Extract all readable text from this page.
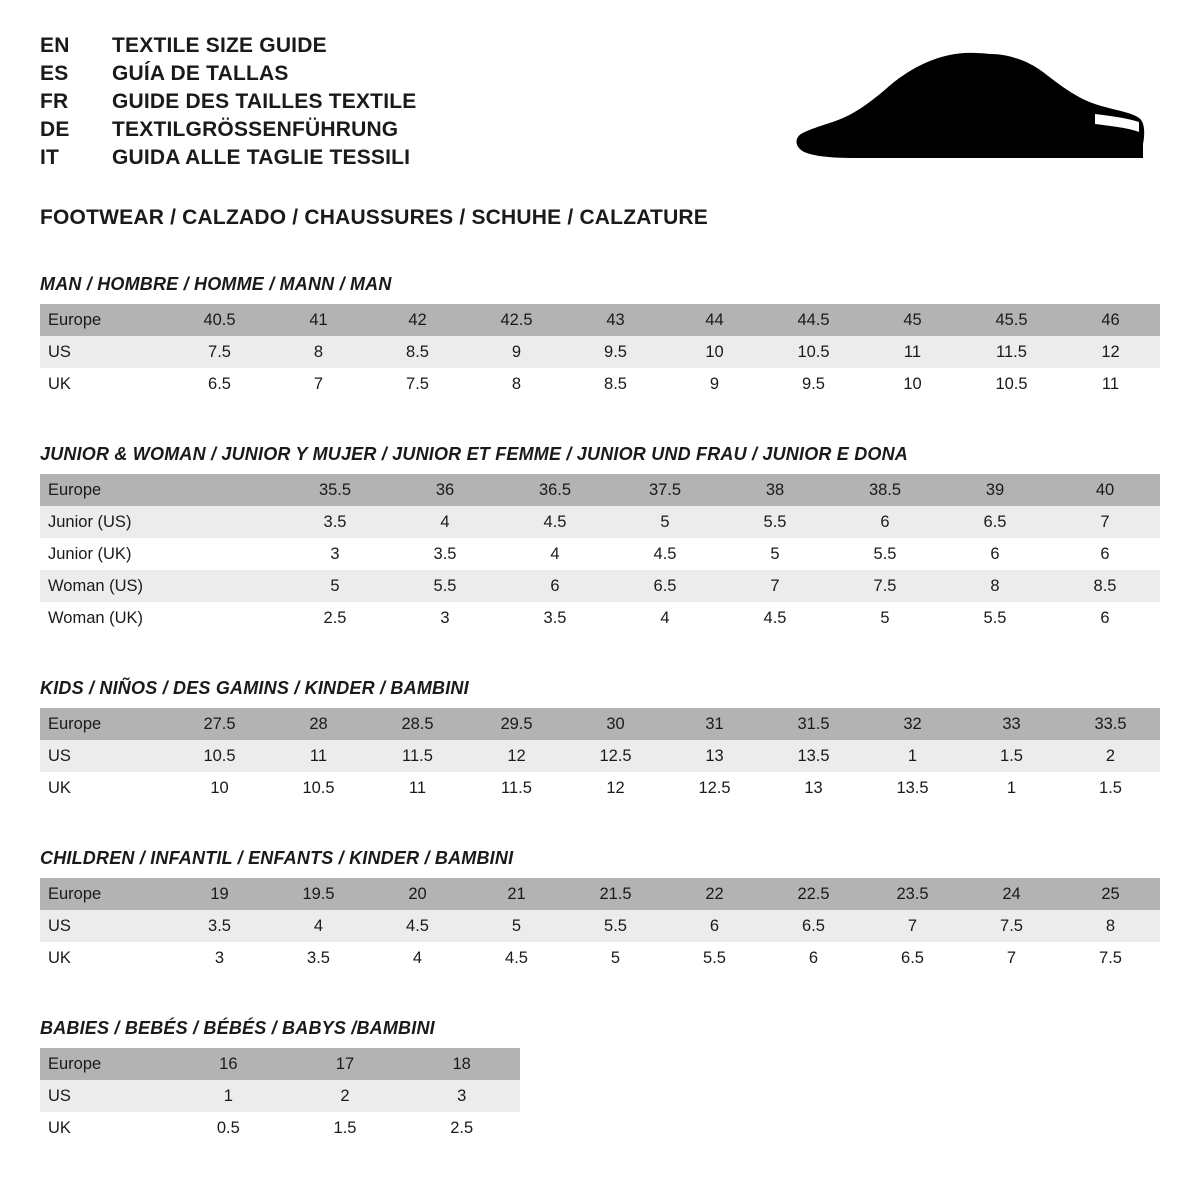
EN	TEXTILE SIZE GUIDE
ES	GUÍA DE TALLAS
FR	GUIDE DES TAILLES TEXTILE
DE	TEXTILGRÖSSENFÜHRUNG
IT	GUIDA ALLE TAGLIE TESSILI
FOOTWEAR / CALZADO / CHAUSSURES / SCHUHE / CALZATURE
MAN / HOMBRE / HOMME / MANN / MAN
Europe	40.5	41	42	42.5	43	44	44.5	45	45.5	46
US	7.5	8	8.5	9	9.5	10	10.5	11	11.5	12
UK	6.5	7	7.5	8	8.5	9	9.5	10	10.5	11
JUNIOR & WOMAN / JUNIOR Y MUJER / JUNIOR ET FEMME / JUNIOR UND FRAU / JUNIOR E DONA
Europe		35.5	36	36.5	37.5	38	38.5	39	40
Junior (US)		3.5	4	4.5	5	5.5	6	6.5	7
Junior (UK)		3	3.5	4	4.5	5	5.5	6	6
Woman (US)		5	5.5	6	6.5	7	7.5	8	8.5
Woman (UK)		2.5	3	3.5	4	4.5	5	5.5	6
KIDS / NIÑOS / DES GAMINS / KINDER / BAMBINI
Europe	27.5	28	28.5	29.5	30	31	31.5	32	33	33.5
US	10.5	11	11.5	12	12.5	13	13.5	1	1.5	2
UK	10	10.5	11	11.5	12	12.5	13	13.5	1	1.5
CHILDREN / INFANTIL / ENFANTS / KINDER / BAMBINI
Europe	19	19.5	20	21	21.5	22	22.5	23.5	24	25
US	3.5	4	4.5	5	5.5	6	6.5	7	7.5	8
UK	3	3.5	4	4.5	5	5.5	6	6.5	7	7.5
BABIES / BEBÉS / BÉBÉS / BABYS /BAMBINI
Europe	16	17	18
US	1	2	3
UK	0.5	1.5	2.5
